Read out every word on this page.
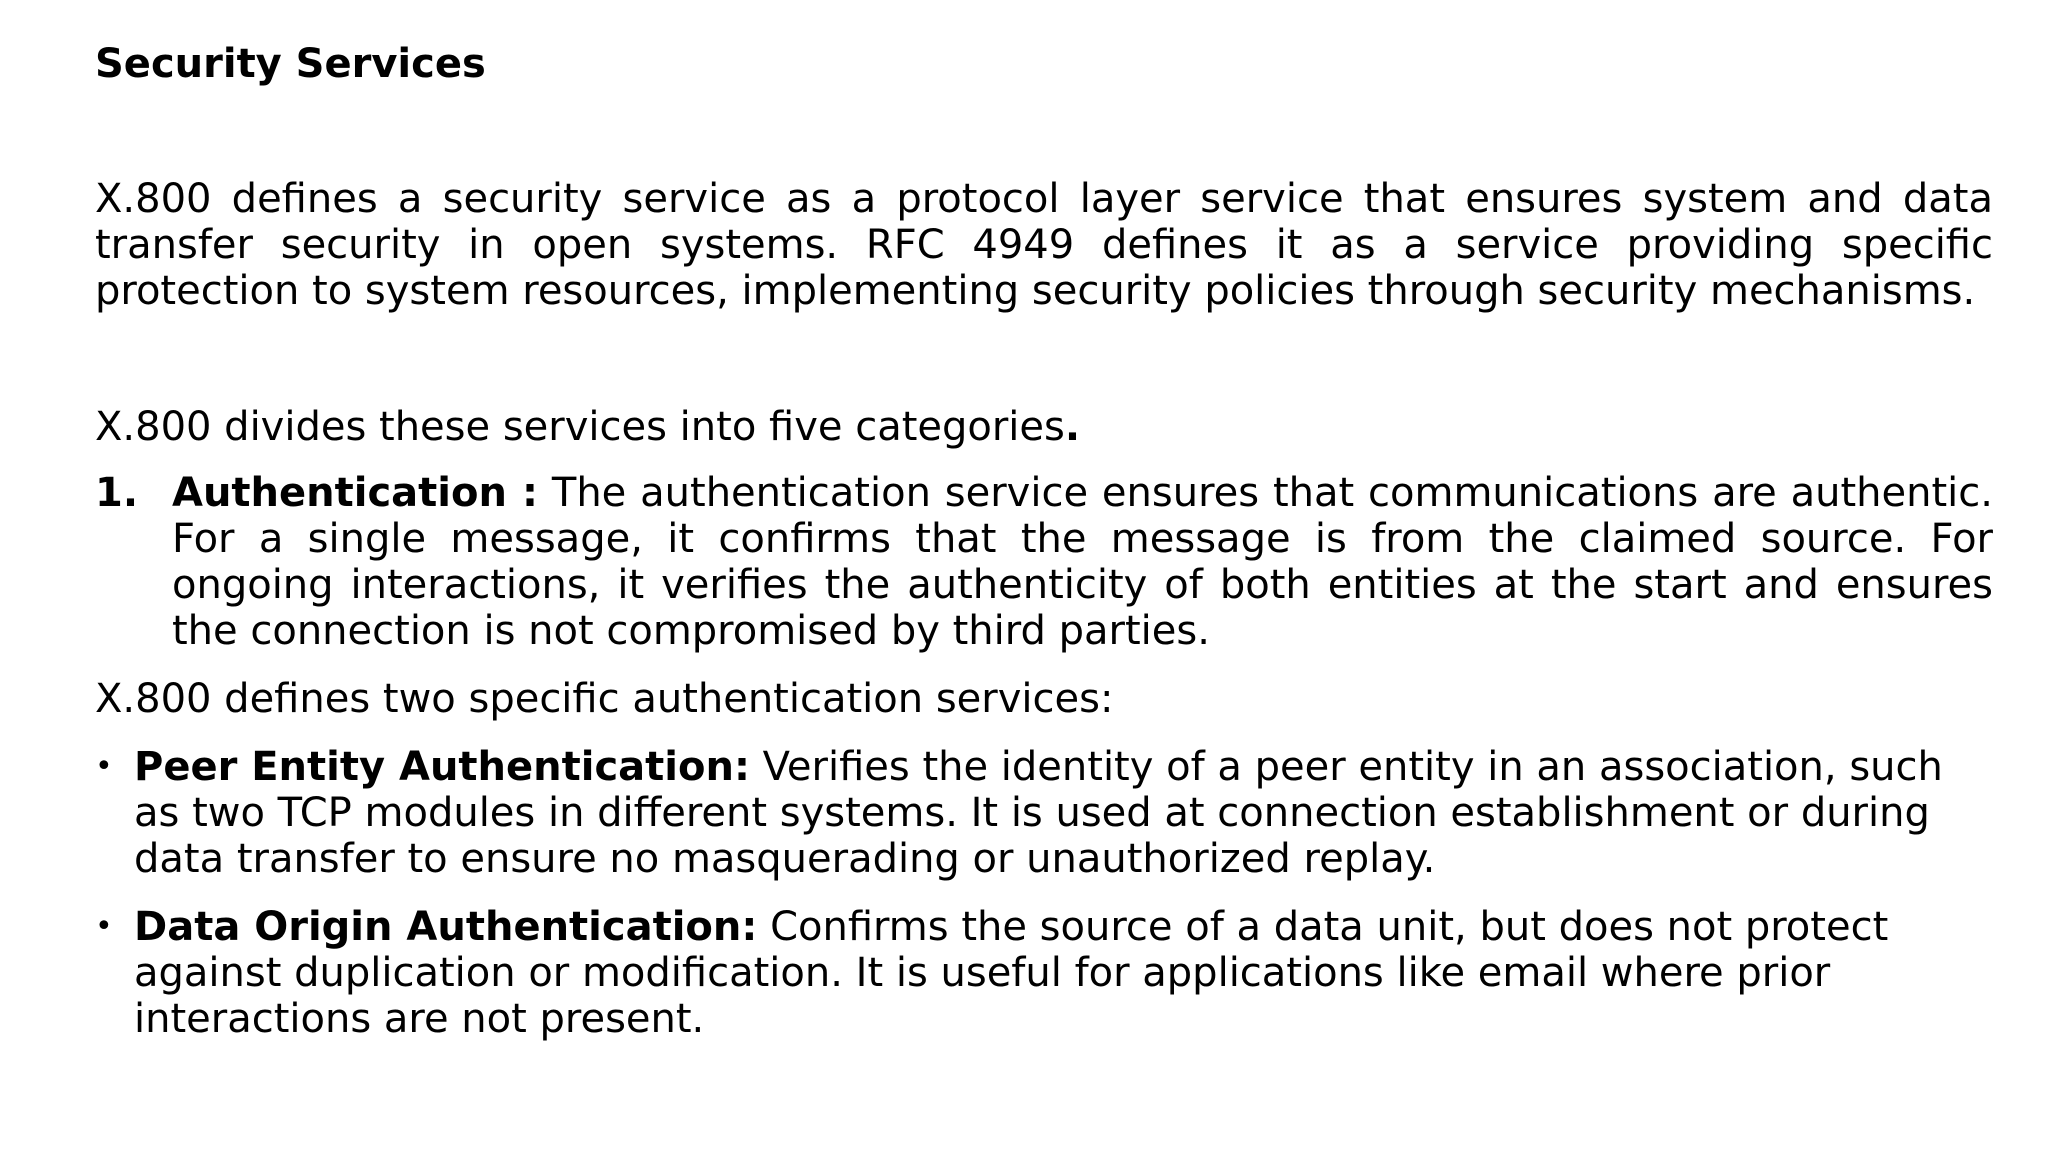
Security Services

X.800 defines a security service as a protocol layer service that ensures system and data transfer security in open systems. RFC 4949 defines it as a service providing specific protection to system resources, implementing security policies through security mechanisms.

X.800 divides these services into five categories.

1. Authentication : The authentication service ensures that communications are authentic. For a single message, it confirms that the message is from the claimed source. For ongoing interactions, it verifies the authenticity of both entities at the start and ensures the connection is not compromised by third parties.

X.800 defines two specific authentication services:

• Peer Entity Authentication: Verifies the identity of a peer entity in an association, such as two TCP modules in different systems. It is used at connection establishment or during data transfer to ensure no masquerading or unauthorized replay.
• Data Origin Authentication: Confirms the source of a data unit, but does not protect against duplication or modification. It is useful for applications like email where prior interactions are not present.
